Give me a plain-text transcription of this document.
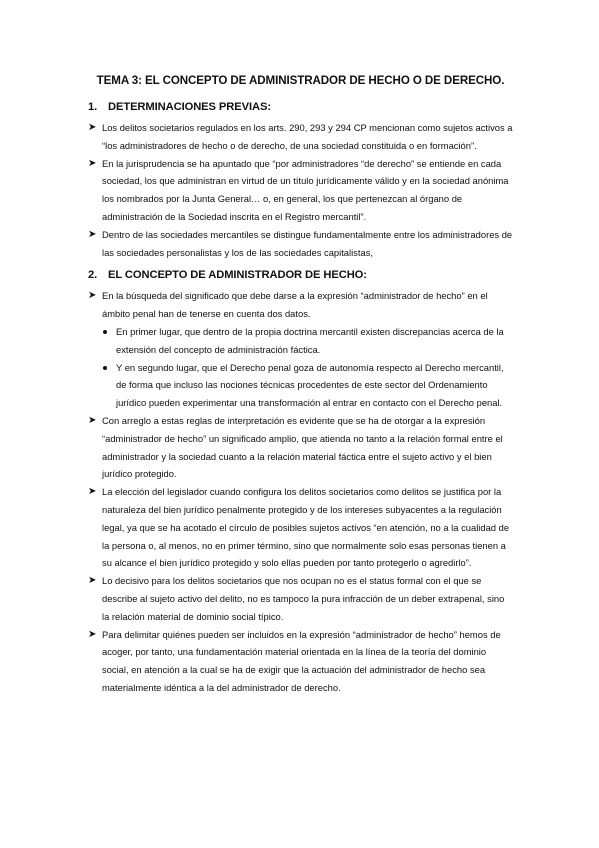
TEMA 3: EL CONCEPTO DE ADMINISTRADOR DE HECHO O DE DERECHO.
1. DETERMINACIONES PREVIAS:

➤ Los delitos societarios regulados en los arts. 290, 293 y 294 CP mencionan como sujetos activos a “los administradores de hecho o de derecho, de una sociedad constituida o en formación”.

➤ En la jurisprudencia se ha apuntado que “por administradores “de derecho” se entiende en cada sociedad, los que administran en virtud de un título jurídicamente válido y en la sociedad anónima los nombrados por la Junta General… o, en general, los que pertenezcan al órgano de administración de la Sociedad inscrita en el Registro mercantil”.

➤ Dentro de las sociedades mercantiles se distingue fundamentalmente entre los administradores de las sociedades personalistas y los de las sociedades capitalistas,

2. EL CONCEPTO DE ADMINISTRADOR DE HECHO:

➤ En la búsqueda del significado que debe darse a la expresión “administrador de hecho” en el ámbito penal han de tenerse en cuenta dos datos.

En primer lugar, que dentro de la propia doctrina mercantil existen discrepancias acerca de la extensión del concepto de administración fáctica.

Y en segundo lugar, que el Derecho penal goza de autonomía respecto al Derecho mercantil, de forma que incluso las nociones técnicas procedentes de este sector del Ordenamiento jurídico pueden experimentar una transformación al entrar en contacto con el Derecho penal.

➤ Con arreglo a estas reglas de interpretación es evidente que se ha de otorgar a la expresión “administrador de hecho” un significado amplio, que atienda no tanto a la relación formal entre el administrador y la sociedad cuanto a la relación material fáctica entre el sujeto activo y el bien jurídico protegido.

➤ La elección del legislador cuando configura los delitos societarios como delitos se justifica por la naturaleza del bien jurídico penalmente protegido y de los intereses subyacentes a la regulación legal, ya que se ha acotado el círculo de posibles sujetos activos “en atención, no a la cualidad de la persona o, al menos, no en primer término, sino que normalmente solo esas personas tienen a su alcance el bien jurídico protegido y solo ellas pueden por tanto protegerlo o agredirlo”.

➤ Lo decisivo para los delitos societarios que nos ocupan no es el status formal con el que se describe al sujeto activo del delito, no es tampoco la pura infracción de un deber extrapenal, sino la relación material de dominio social típico.

➤ Para delimitar quiénes pueden ser incluidos en la expresión “administrador de hecho” hemos de acoger, por tanto, una fundamentación material orientada en la línea de la teoría del dominio social, en atención a la cual se ha de exigir que la actuación del administrador de hecho sea materialmente idéntica a la del administrador de derecho.
